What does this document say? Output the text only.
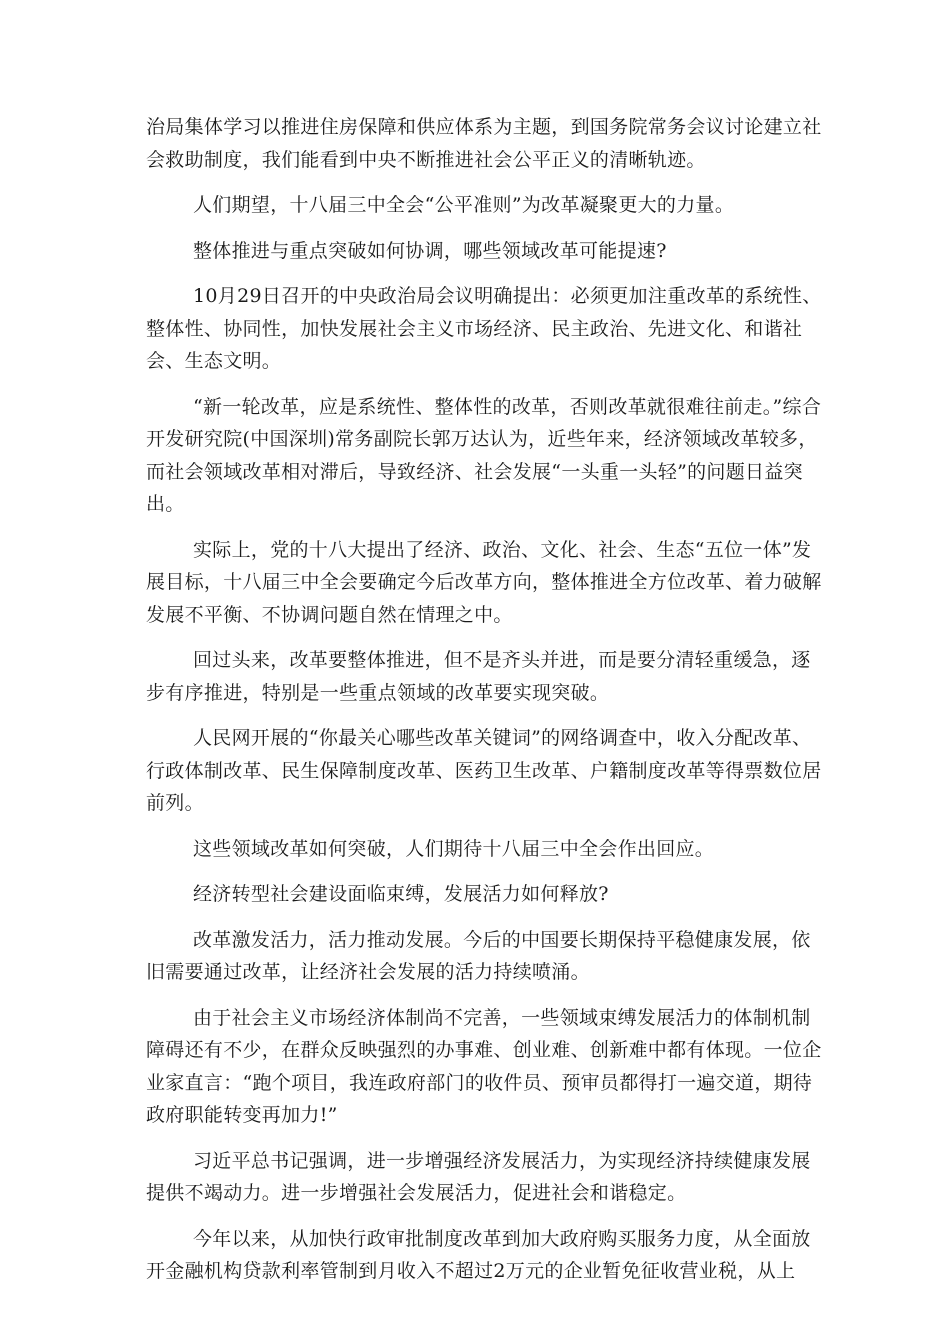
治局集体学习以推进住房保障和供应体系为主题，到国务院常务会议讨论建立社会救助制度，我们能看到中央不断推进社会公平正义的清晰轨迹。

人们期望，十八届三中全会“公平准则”为改革凝聚更大的力量。

整体推进与重点突破如何协调，哪些领域改革可能提速?

10月29日召开的中央政治局会议明确提出：必须更加注重改革的系统性、整体性、协同性，加快发展社会主义市场经济、民主政治、先进文化、和谐社会、生态文明。

“新一轮改革，应是系统性、整体性的改革，否则改革就很难往前走。”综合开发研究院(中国深圳)常务副院长郭万达认为，近些年来，经济领域改革较多，而社会领域改革相对滞后，导致经济、社会发展“一头重一头轻”的问题日益突出。

实际上，党的十八大提出了经济、政治、文化、社会、生态“五位一体”发展目标，十八届三中全会要确定今后改革方向，整体推进全方位改革、着力破解发展不平衡、不协调问题自然在情理之中。

回过头来，改革要整体推进，但不是齐头并进，而是要分清轻重缓急，逐步有序推进，特别是一些重点领域的改革要实现突破。

人民网开展的“你最关心哪些改革关键词”的网络调查中，收入分配改革、行政体制改革、民生保障制度改革、医药卫生改革、户籍制度改革等得票数位居前列。

这些领域改革如何突破，人们期待十八届三中全会作出回应。

经济转型社会建设面临束缚，发展活力如何释放?

改革激发活力，活力推动发展。今后的中国要长期保持平稳健康发展，依旧需要通过改革，让经济社会发展的活力持续喷涌。

由于社会主义市场经济体制尚不完善，一些领域束缚发展活力的体制机制障碍还有不少，在群众反映强烈的办事难、创业难、创新难中都有体现。一位企业家直言：“跑个项目，我连政府部门的收件员、预审员都得打一遍交道，期待政府职能转变再加力!”

习近平总书记强调，进一步增强经济发展活力，为实现经济持续健康发展提供不竭动力。进一步增强社会发展活力，促进社会和谐稳定。

今年以来，从加快行政审批制度改革到加大政府购买服务力度，从全面放开金融机构贷款利率管制到月收入不超过2万元的企业暂免征收营业税，从上
